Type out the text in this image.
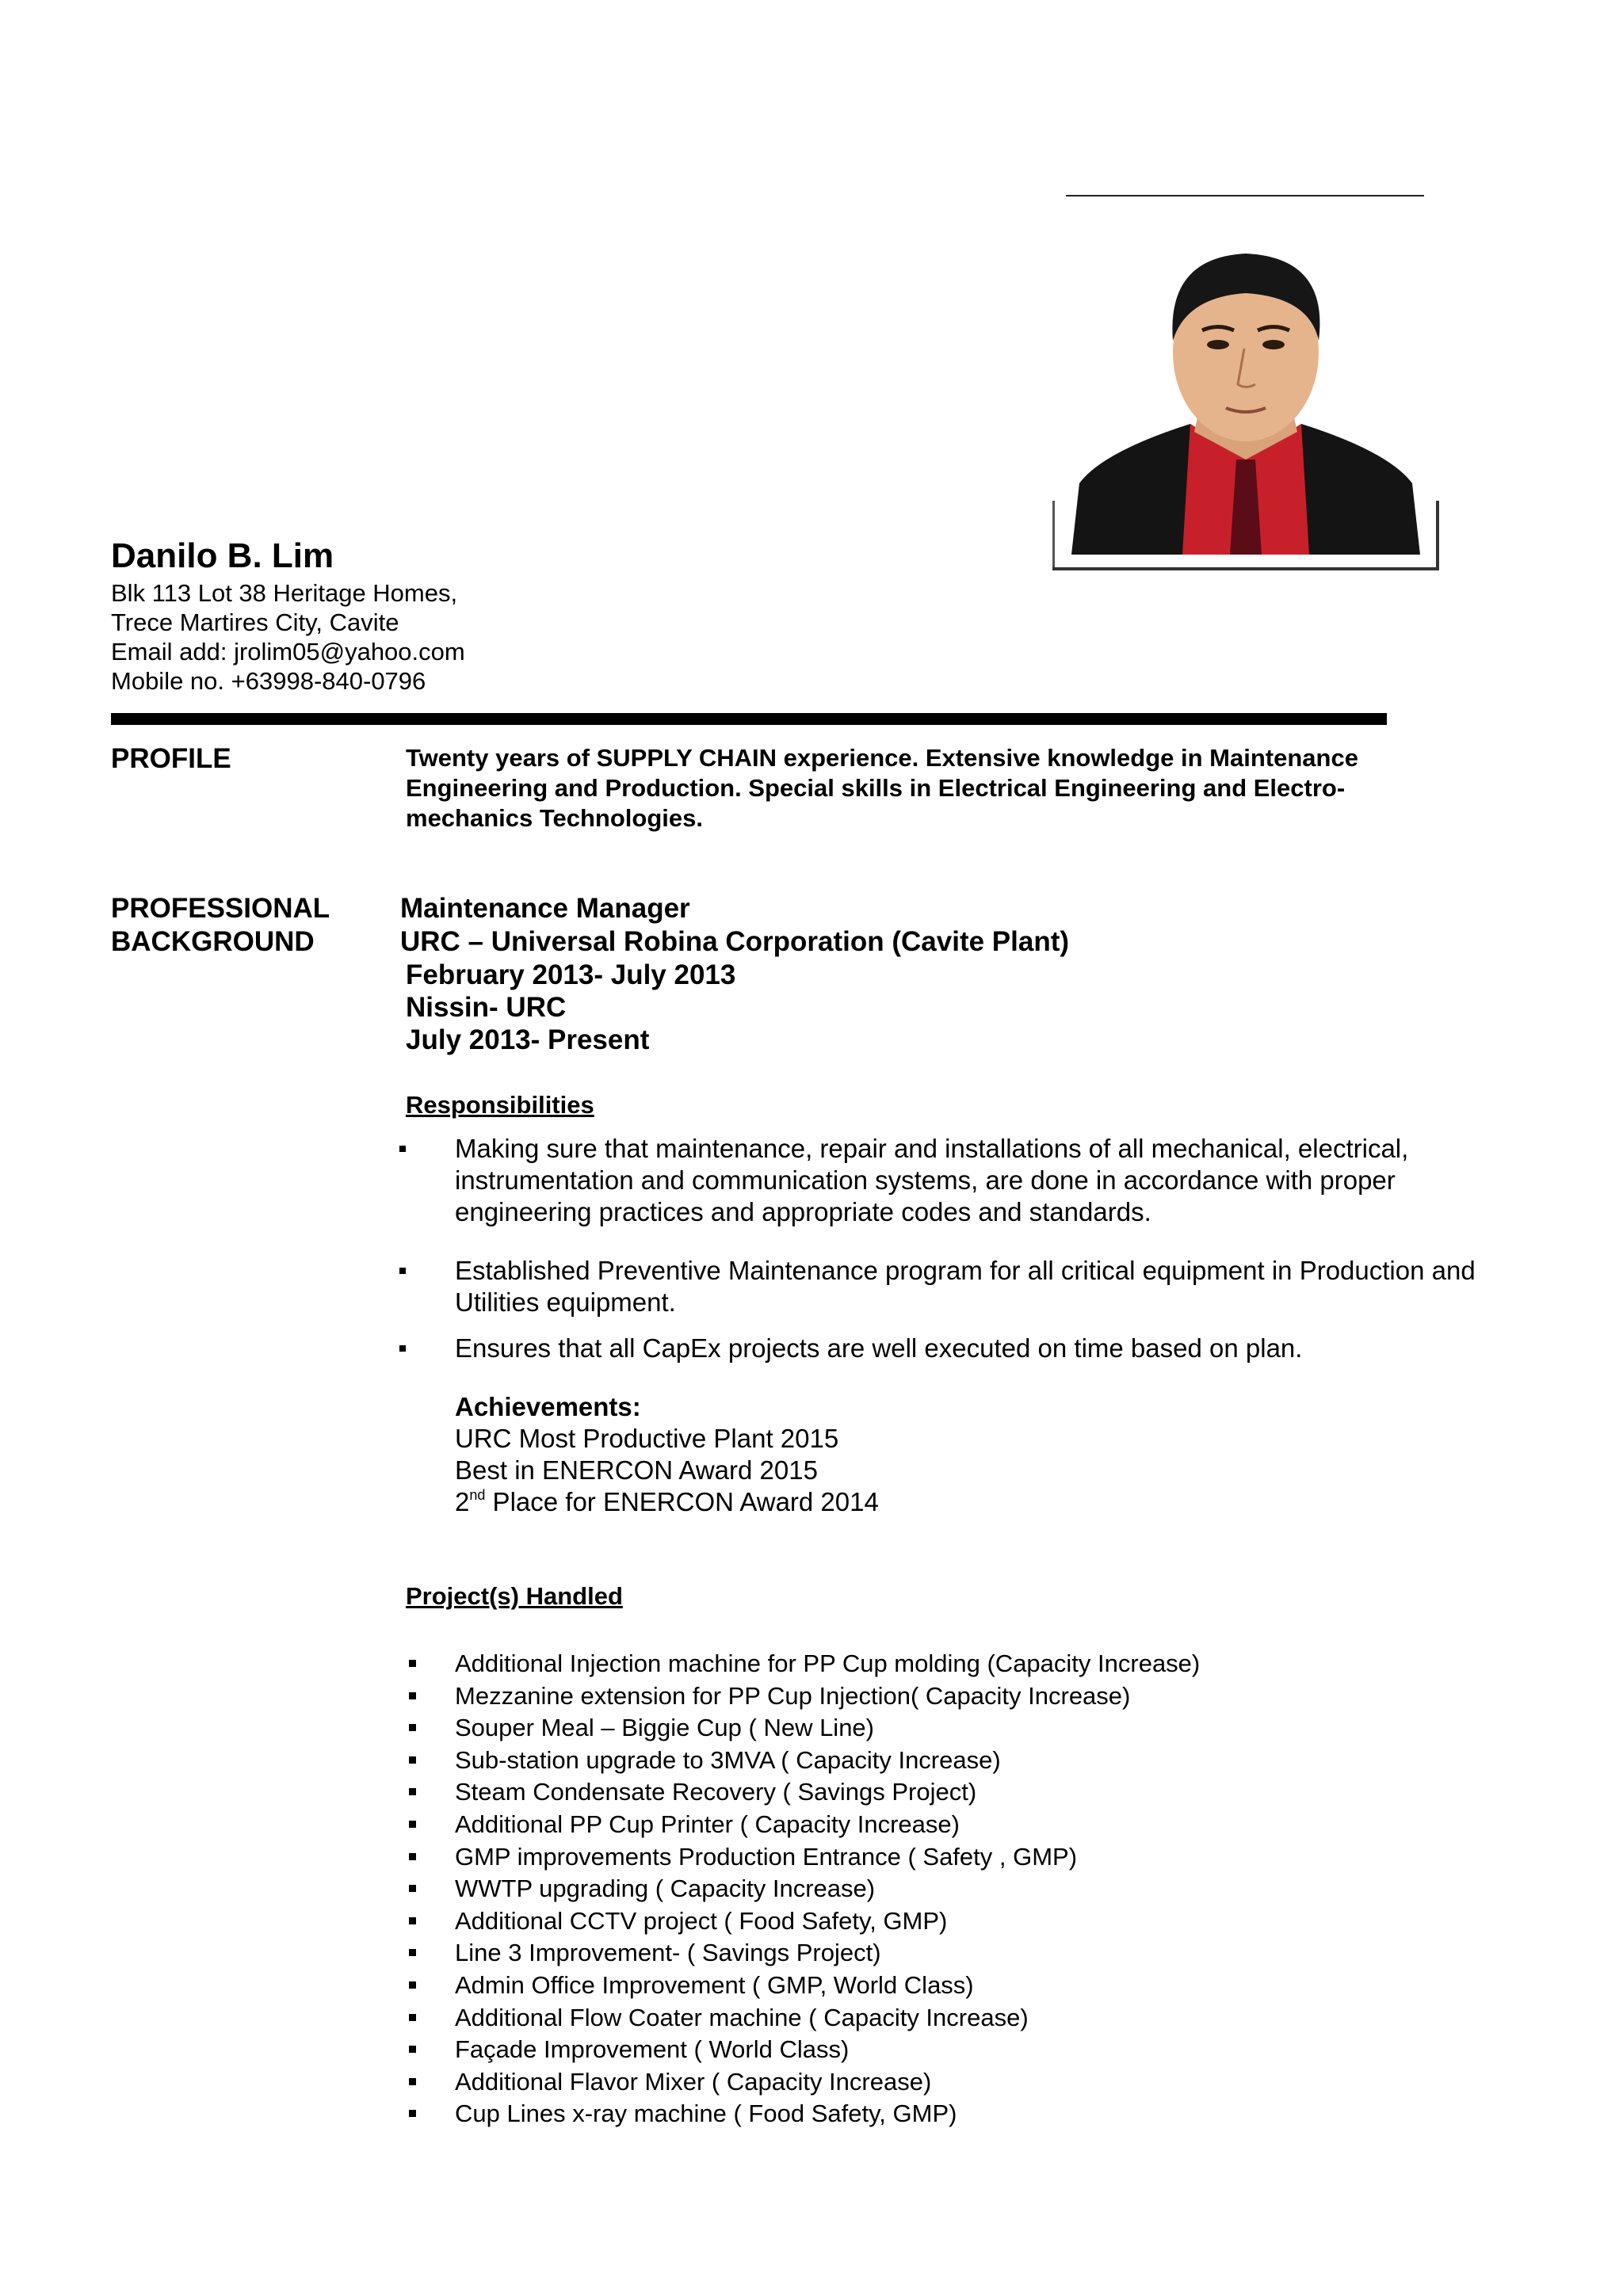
Danilo B. Lim
Blk 113 Lot 38 Heritage Homes,
Trece Martires City, Cavite
Email add: jrolim05@yahoo.com
Mobile no. +63998-840-0796
PROFILE	Twenty years of SUPPLY CHAIN experience. Extensive knowledge in Maintenance Engineering and Production. Special skills in Electrical Engineering and Electro-mechanics Technologies.
PROFESSIONAL
BACKGROUND
Maintenance Manager
URC – Universal Robina Corporation (Cavite Plant)
February 2013- July 2013
Nissin- URC
July 2013- Present
Responsibilities
Making sure that maintenance, repair and installations of all mechanical, electrical, instrumentation and communication systems, are done in accordance with proper engineering practices and appropriate codes and standards.
Established Preventive Maintenance program for all critical equipment in Production and Utilities equipment.
Ensures that all CapEx projects are well executed on time based on plan.
Achievements:
URC Most Productive Plant 2015
Best in ENERCON Award 2015
2nd Place for ENERCON Award 2014
Project(s) Handled
Additional Injection machine for PP Cup molding (Capacity Increase)
Mezzanine extension for PP Cup Injection( Capacity Increase)
Souper Meal – Biggie Cup ( New Line)
Sub-station upgrade to 3MVA ( Capacity Increase)
Steam Condensate Recovery ( Savings Project)
Additional PP Cup Printer ( Capacity Increase)
GMP improvements Production Entrance ( Safety , GMP)
WWTP upgrading ( Capacity Increase)
Additional CCTV project ( Food Safety, GMP)
Line 3 Improvement- ( Savings Project)
Admin Office Improvement ( GMP, World Class)
Additional Flow Coater machine ( Capacity Increase)
Façade Improvement ( World Class)
Additional Flavor Mixer ( Capacity Increase)
Cup Lines x-ray machine ( Food Safety, GMP)
